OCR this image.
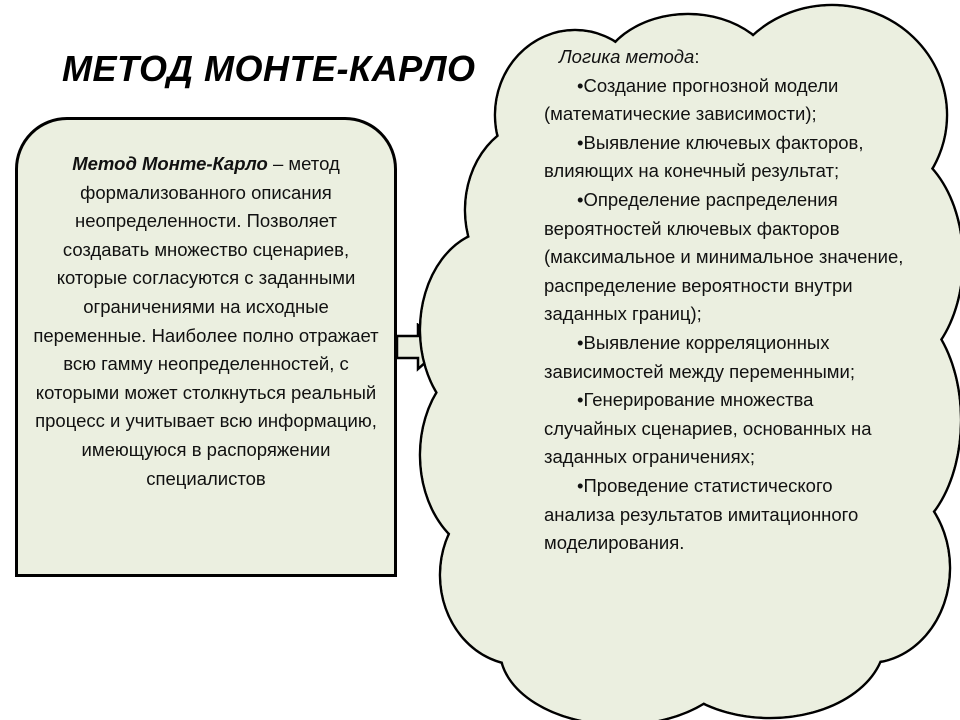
МЕТОД МОНТЕ-КАРЛО

Метод Монте-Карло – метод формализованного описания неопределенности. Позволяет создавать множество сценариев, которые согласуются с заданными ограничениями на исходные переменные. Наиболее полно отражает всю гамму неопределенностей, с которыми может столкнуться реальный процесс и учитывает всю информацию, имеющуюся в распоряжении специалистов

Логика метода:

•Создание прогнозной модели (математические зависимости);

•Выявление ключевых факторов, влияющих на конечный результат;

•Определение распределения вероятностей ключевых факторов (максимальное и минимальное значение, распределение вероятности внутри заданных границ);

•Выявление корреляционных зависимостей между переменными;

•Генерирование множества случайных сценариев, основанных на заданных ограничениях;

•Проведение статистического анализа результатов имитационного моделирования.
